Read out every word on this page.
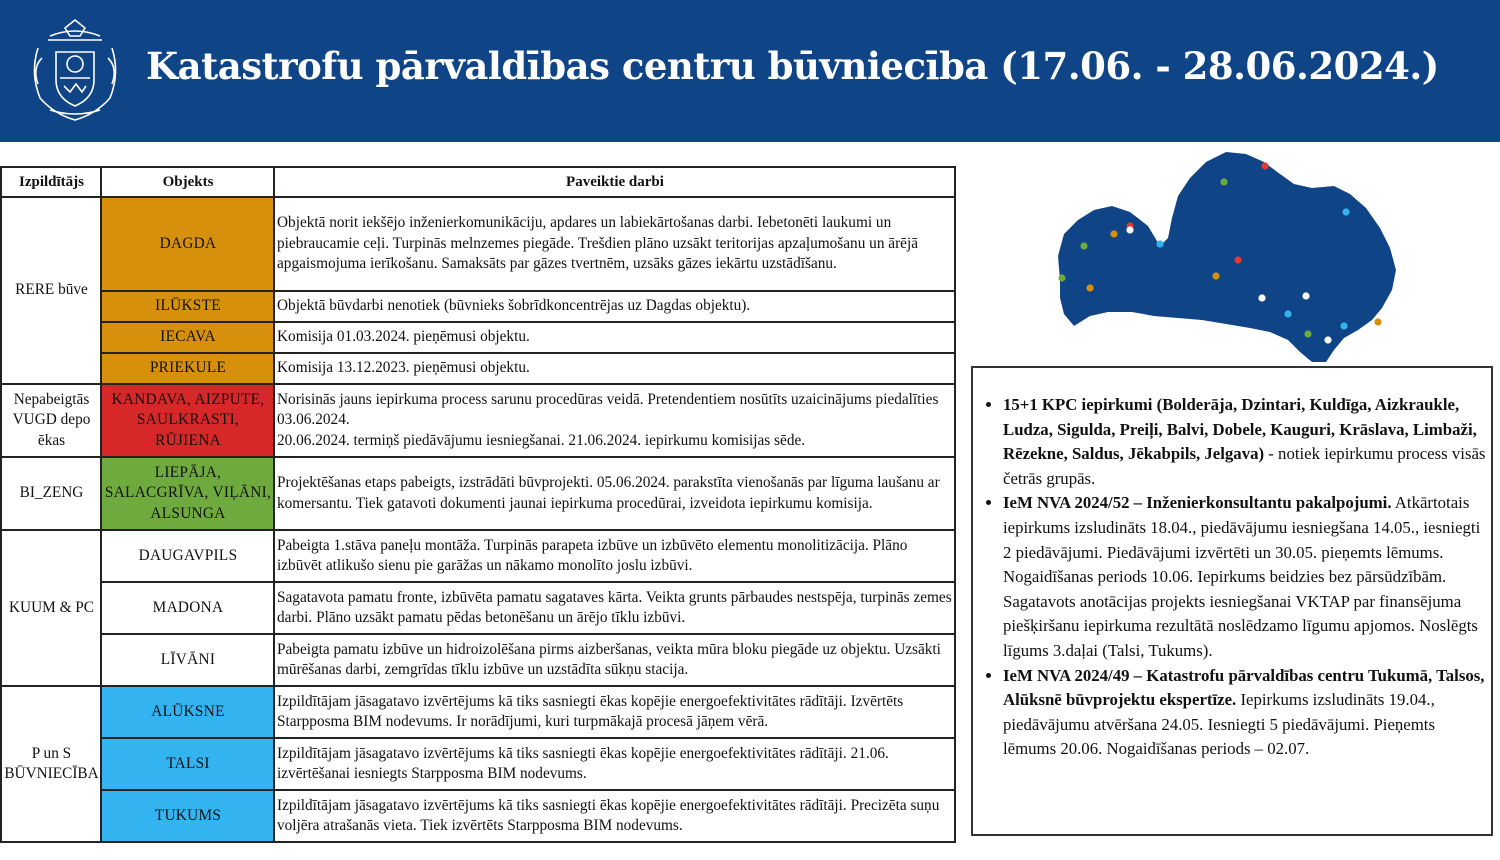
Katastrofu pārvaldības centru būvniecība (17.06. - 28.06.2024.)
Izpildītājs	Objekts	Paveiktie darbi
RERE būve	DAGDA	Objektā norit iekšējo inženierkomunikāciju, apdares un labiekārtošanas darbi. Iebetonēti laukumi un piebraucamie ceļi. Turpinās melnzemes piegāde. Trešdien plāno uzsākt teritorijas apzaļumošanu un ārējā apgaismojuma ierīkošanu. Samaksāts par gāzes tvertnēm, uzsāks gāzes iekārtu uzstādīšanu.
	ILŪKSTE	Objektā būvdarbi nenotiek (būvnieks šobrīdkoncentrējas uz Dagdas objektu).
	IECAVA	Komisija 01.03.2024. pieņēmusi objektu.
	PRIEKULE	Komisija 13.12.2023. pieņēmusi objektu.
Nepabeigtās VUGD depo ēkas	KANDAVA, AIZPUTE, SAULKRASTI, RŪJIENA	Norisinās jauns iepirkuma process sarunu procedūras veidā. Pretendentiem nosūtīts uzaicinājums piedalīties 03.06.2024.
20.06.2024. termiņš piedāvājumu iesniegšanai. 21.06.2024. iepirkumu komisijas sēde.
BI_ZENG	LIEPĀJA, SALACGRĪVA, VIĻĀNI, ALSUNGA	Projektēšanas etaps pabeigts, izstrādāti būvprojekti. 05.06.2024. parakstīta vienošanās par līguma laušanu ar komersantu. Tiek gatavoti dokumenti jaunai iepirkuma procedūrai, izveidota iepirkumu komisija.
KUUM & PC	DAUGAVPILS	Pabeigta 1.stāva paneļu montāža. Turpinās parapeta izbūve un izbūvēto elementu monolitizācija. Plāno izbūvēt atlikušo sienu pie garāžas un nākamo monolīto joslu izbūvi.
	MADONA	Sagatavota pamatu fronte, izbūvēta pamatu sagataves kārta. Veikta grunts pārbaudes nestspēja, turpinās zemes darbi. Plāno uzsākt pamatu pēdas betonēšanu un ārējo tīklu izbūvi.
	LĪVĀNI	Pabeigta pamatu izbūve un hidroizolēšana pirms aizberšanas, veikta mūra bloku piegāde uz objektu. Uzsākti mūrēšanas darbi, zemgrīdas tīklu izbūve un uzstādīta sūkņu stacija.
P un S BŪVNIECĪBA	ALŪKSNE	Izpildītājam jāsagatavo izvērtējums kā tiks sasniegti ēkas kopējie energoefektivitātes rādītāji. Izvērtēts Starpposma BIM nodevums. Ir norādījumi, kuri turpmākajā procesā jāņem vērā.
	TALSI	Izpildītājam jāsagatavo izvērtējums kā tiks sasniegti ēkas kopējie energoefektivitātes rādītāji. 21.06. izvērtēšanai iesniegts Starpposma BIM nodevums.
	TUKUMS	Izpildītājam jāsagatavo izvērtējums kā tiks sasniegti ēkas kopējie energoefektivitātes rādītāji. Precizēta suņu voljēra atrašanās vieta. Tiek izvērtēts Starpposma BIM nodevums.
• 15+1 KPC iepirkumi (Bolderāja, Dzintari, Kuldīga, Aizkraukle, Ludza, Sigulda, Preiļi, Balvi, Dobele, Kauguri, Krāslava, Limbaži, Rēzekne, Saldus, Jēkabpils, Jelgava) - notiek iepirkumu process visās četrās grupās.
• IeM NVA 2024/52 – Inženierkonsultantu pakalpojumi. Atkārtotais iepirkums izsludināts 18.04., piedāvājumu iesniegšana 14.05., iesniegti 2 piedāvājumi. Piedāvājumi izvērtēti un 30.05. pieņemts lēmums. Nogaidīšanas periods 10.06. Iepirkums beidzies bez pārsūdzībām. Sagatavots anotācijas projekts iesniegšanai VKTAP par finansējuma piešķiršanu iepirkuma rezultātā noslēdzamo līgumu apjomos. Noslēgts līgums 3.daļai (Talsi, Tukums).
• IeM NVA 2024/49 – Katastrofu pārvaldības centru Tukumā, Talsos, Alūksnē būvprojektu ekspertīze. Iepirkums izsludināts 19.04., piedāvājumu atvēršana 24.05. Iesniegti 5 piedāvājumi. Pieņemts lēmums 20.06. Nogaidīšanas periods – 02.07.
